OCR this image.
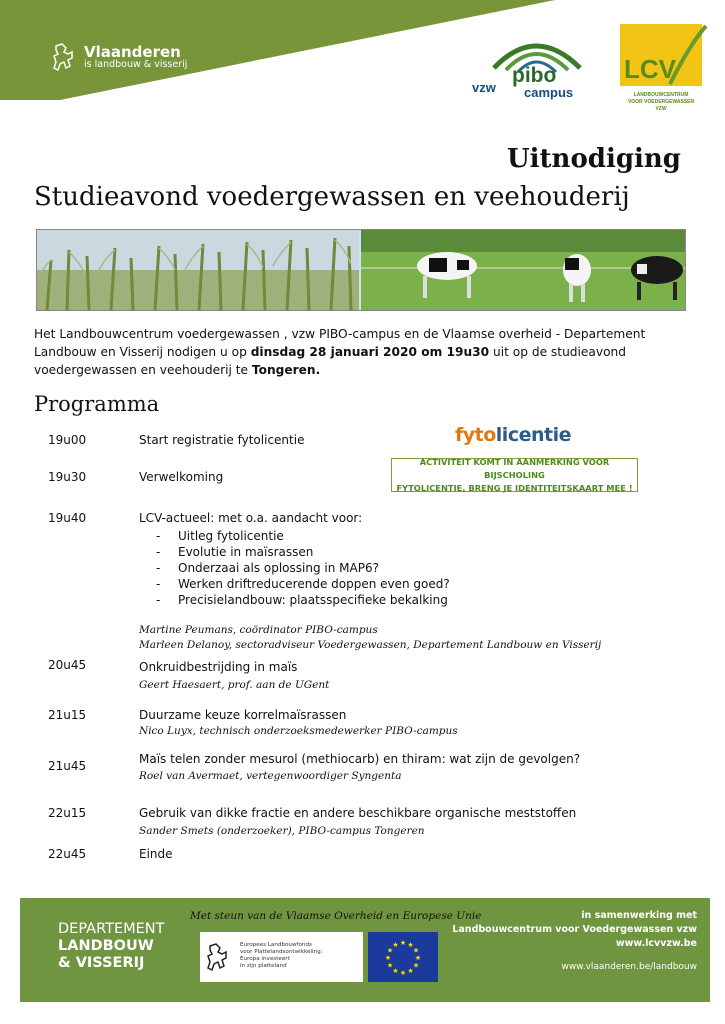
Vlaanderen
is landbouw & visserij
vzw
pibo
campus
LCV
LANDBOUWCENTRUM
VOOR VOEDERGEWASSEN
VZW
Uitnodiging
Studieavond voedergewassen en veehouderij
Het Landbouwcentrum voedergewassen , vzw PIBO-campus en de Vlaamse overheid - Departement Landbouw en Visserij nodigen u op dinsdag 28 januari 2020 om 19u30 uit op de studieavond voedergewassen en veehouderij te Tongeren.
Programma
fytolicentie
ACTIVITEIT KOMT IN AANMERKING VOOR BIJSCHOLING
FYTOLICENTIE, BRENG JE IDENTITEITSKAART MEE !
19u00	Start registratie fytolicentie
19u30	Verwelkoming
19u40	LCV-actueel: met o.a. aandacht voor:
- Uitleg fytolicentie
- Evolutie in maïsrassen
- Onderzaai als oplossing in MAP6?
- Werken driftreducerende doppen even goed?
- Precisielandbouw: plaatsspecifieke bekalking
Martine Peumans, coördinator PIBO-campus
Marleen Delanoy, sectoradviseur Voedergewassen, Departement Landbouw en Visserij
20u45	Onkruidbestrijding in maïs
Geert Haesaert, prof. aan de UGent
21u15	Duurzame keuze korrelmaïsrassen
Nico Luyx, technisch onderzoeksmedewerker PIBO-campus
21u45	Maïs telen zonder mesurol (methiocarb) en thiram: wat zijn de gevolgen?
Roel van Avermaet, vertegenwoordiger Syngenta
22u15	Gebruik van dikke fractie en andere beschikbare organische meststoffen
Sander Smets (onderzoeker), PIBO-campus Tongeren
22u45	Einde
DEPARTEMENT
LANDBOUW
& VISSERIJ
Met steun van de Vlaamse Overheid en Europese Unie
Europees Landbouwfonds
voor Plattelandsontwikkeling:
Europa investeert
in zijn platteland
★
★
★
★
★
★
★
★
★ ★ ★
★
in samenwerking met
Landbouwcentrum voor Voedergewassen vzw
www.lcvvzw.be
www.vlaanderen.be/landbouw
